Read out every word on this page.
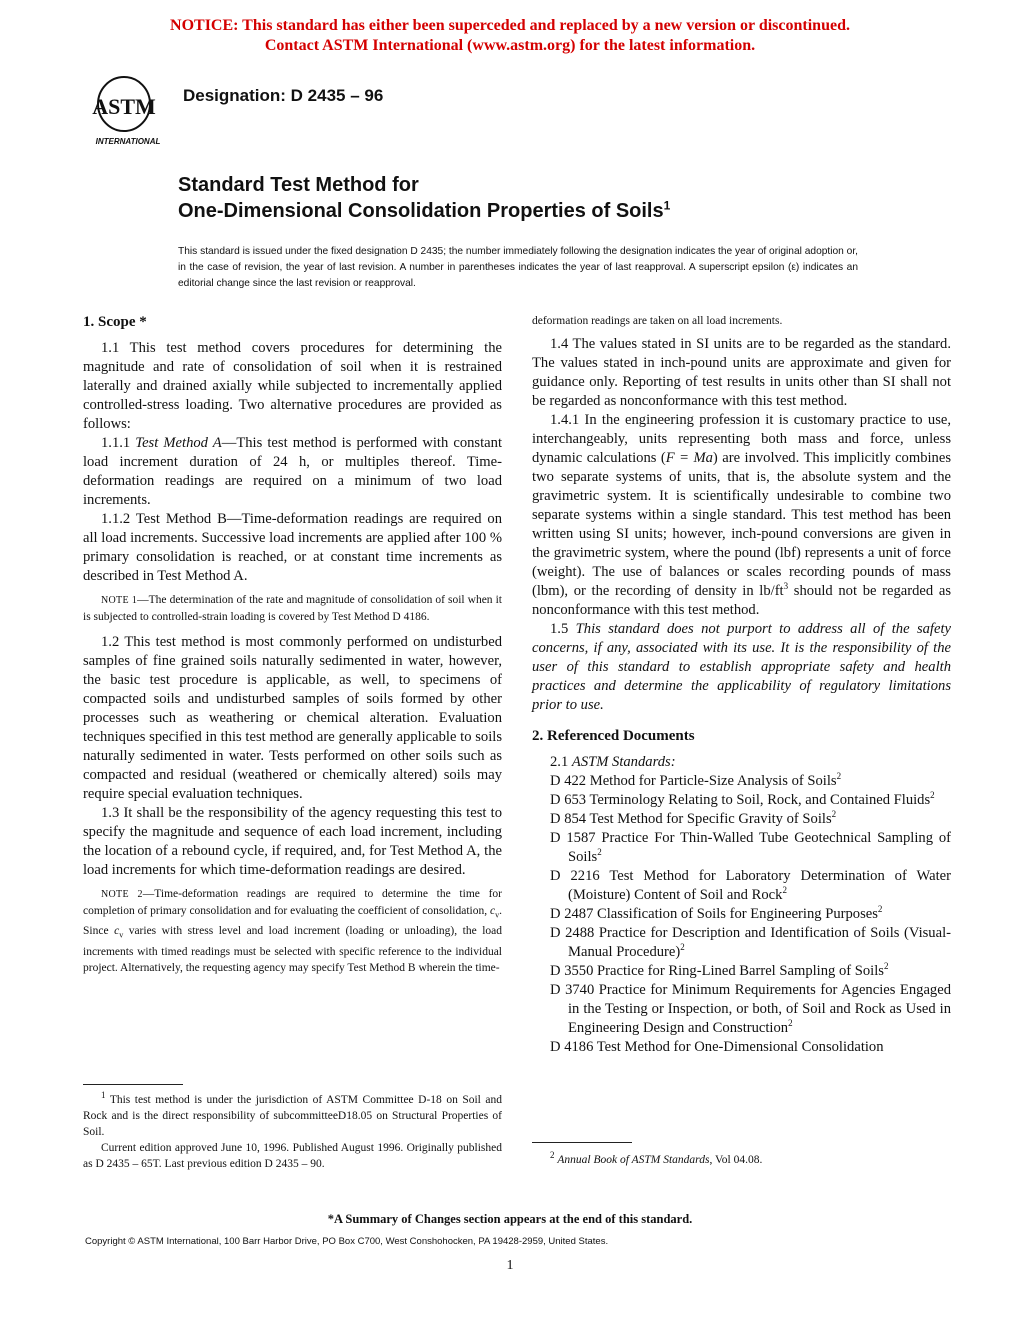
NOTICE: This standard has either been superceded and replaced by a new version or discontinued.
Contact ASTM International (www.astm.org) for the latest information.
ASTM
INTERNATIONAL
Designation: D 2435 – 96
Standard Test Method for
One-Dimensional Consolidation Properties of Soils$^1$
This standard is issued under the fixed designation D 2435; the number immediately following the designation indicates the year of original adoption or, in the case of revision, the year of last revision. A number in parentheses indicates the year of last reapproval. A superscript epsilon (ε) indicates an editorial change since the last revision or reapproval.

1. Scope *

1.1 This test method covers procedures for determining the magnitude and rate of consolidation of soil when it is restrained laterally and drained axially while subjected to incrementally applied controlled-stress loading. Two alternative procedures are provided as follows:

1.1.1 Test Method A—This test method is performed with constant load increment duration of 24 h, or multiples thereof. Time-deformation readings are required on a minimum of two load increments.

1.1.2 Test Method B—Time-deformation readings are required on all load increments. Successive load increments are applied after 100 % primary consolidation is reached, or at constant time increments as described in Test Method A.

NOTE 1—The determination of the rate and magnitude of consolidation of soil when it is subjected to controlled-strain loading is covered by Test Method D 4186.

1.2 This test method is most commonly performed on undisturbed samples of fine grained soils naturally sedimented in water, however, the basic test procedure is applicable, as well, to specimens of compacted soils and undisturbed samples of soils formed by other processes such as weathering or chemical alteration. Evaluation techniques specified in this test method are generally applicable to soils naturally sedimented in water. Tests performed on other soils such as compacted and residual (weathered or chemically altered) soils may require special evaluation techniques.

1.3 It shall be the responsibility of the agency requesting this test to specify the magnitude and sequence of each load increment, including the location of a rebound cycle, if required, and, for Test Method A, the load increments for which time-deformation readings are desired.

NOTE 2—Time-deformation readings are required to determine the time for completion of primary consolidation and for evaluating the coefficient of consolidation, $c_v$. Since $c_v$ varies with stress level and load increment (loading or unloading), the load increments with timed readings must be selected with specific reference to the individual project. Alternatively, the requesting agency may specify Test Method B wherein the time-

$^1$ This test method is under the jurisdiction of ASTM Committee D-18 on Soil and Rock and is the direct responsibility of subcommitteeD18.05 on Structural Properties of Soil.

Current edition approved June 10, 1996. Published August 1996. Originally published as D 2435 – 65T. Last previous edition D 2435 – 90.

deformation readings are taken on all load increments.

1.4 The values stated in SI units are to be regarded as the standard. The values stated in inch-pound units are approximate and given for guidance only. Reporting of test results in units other than SI shall not be regarded as nonconformance with this test method.

1.4.1 In the engineering profession it is customary practice to use, interchangeably, units representing both mass and force, unless dynamic calculations (F = Ma) are involved. This implicitly combines two separate systems of units, that is, the absolute system and the gravimetric system. It is scientifically undesirable to combine two separate systems within a single standard. This test method has been written using SI units; however, inch-pound conversions are given in the gravimetric system, where the pound (lbf) represents a unit of force (weight). The use of balances or scales recording pounds of mass (lbm), or the recording of density in $lb/ft^3$ should not be regarded as nonconformance with this test method.

1.5 This standard does not purport to address all of the safety concerns, if any, associated with its use. It is the responsibility of the user of this standard to establish appropriate safety and health practices and determine the applicability of regulatory limitations prior to use.

2. Referenced Documents

2.1 ASTM Standards:

D 422 Method for Particle-Size Analysis of Soils$^2$

D 653 Terminology Relating to Soil, Rock, and Contained Fluids$^2$

D 854 Test Method for Specific Gravity of Soils$^2$

D 1587 Practice For Thin-Walled Tube Geotechnical Sampling of Soils$^2$

D 2216 Test Method for Laboratory Determination of Water (Moisture) Content of Soil and Rock$^2$

D 2487 Classification of Soils for Engineering Purposes$^2$

D 2488 Practice for Description and Identification of Soils (Visual-Manual Procedure)$^2$

D 3550 Practice for Ring-Lined Barrel Sampling of Soils$^2$

D 3740 Practice for Minimum Requirements for Agencies Engaged in the Testing or Inspection, or both, of Soil and Rock as Used in Engineering Design and Construction$^2$

D 4186 Test Method for One-Dimensional Consolidation

$^2$ Annual Book of ASTM Standards, Vol 04.08.

*A Summary of Changes section appears at the end of this standard.
Copyright © ASTM International, 100 Barr Harbor Drive, PO Box C700, West Conshohocken, PA 19428-2959, United States.
1
